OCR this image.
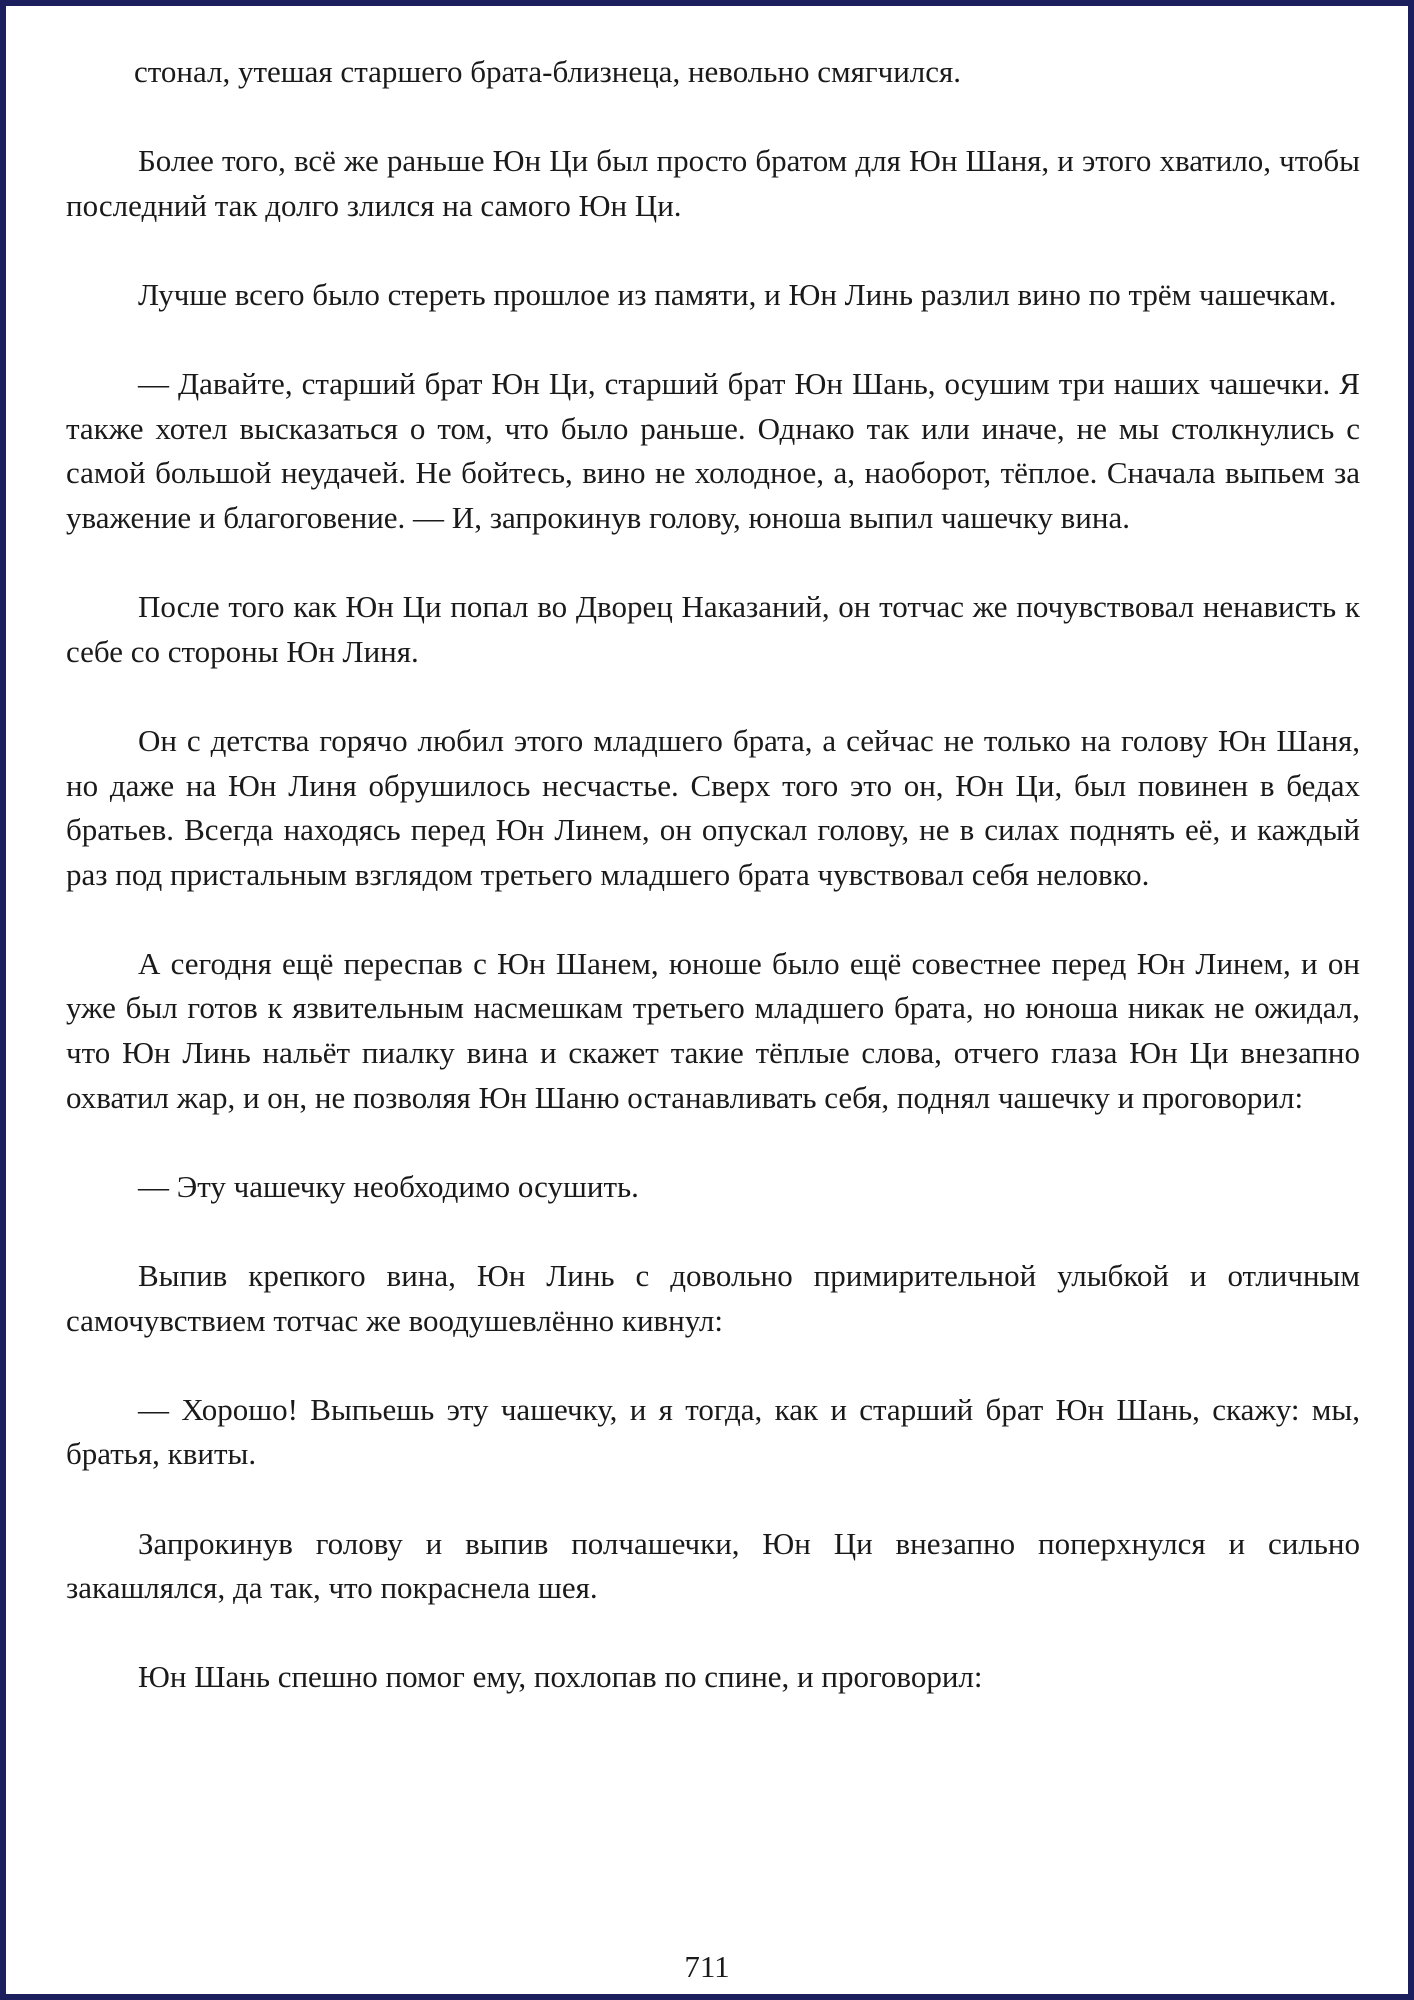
стонал, утешая старшего брата-близнеца, невольно смягчился.

Более того, всё же раньше Юн Ци был просто братом для Юн Шаня, и этого хватило, чтобы последний так долго злился на самого Юн Ци.

Лучше всего было стереть прошлое из памяти, и Юн Линь разлил вино по трём чашечкам.

— Давайте, старший брат Юн Ци, старший брат Юн Шань, осушим три наших чашечки. Я также хотел высказаться о том, что было раньше. Однако так или иначе, не мы столкнулись с самой большой неудачей. Не бойтесь, вино не холодное, а, наоборот, тёплое. Сначала выпьем за уважение и благоговение. — И, запрокинув голову, юноша выпил чашечку вина.

После того как Юн Ци попал во Дворец Наказаний, он тотчас же почувствовал ненависть к себе со стороны Юн Линя.

Он с детства горячо любил этого младшего брата, а сейчас не только на голову Юн Шаня, но даже на Юн Линя обрушилось несчастье. Сверх того это он, Юн Ци, был повинен в бедах братьев. Всегда находясь перед Юн Линем, он опускал голову, не в силах поднять её, и каждый раз под пристальным взглядом третьего младшего брата чувствовал себя неловко.

А сегодня ещё переспав с Юн Шанем, юноше было ещё совестнее перед Юн Линем, и он уже был готов к язвительным насмешкам третьего младшего брата, но юноша никак не ожидал, что Юн Линь нальёт пиалку вина и скажет такие тёплые слова, отчего глаза Юн Ци внезапно охватил жар, и он, не позволяя Юн Шаню останавливать себя, поднял чашечку и проговорил:

— Эту чашечку необходимо осушить.

Выпив крепкого вина, Юн Линь с довольно примирительной улыбкой и отличным самочувствием тотчас же воодушевлённо кивнул:

— Хорошо! Выпьешь эту чашечку, и я тогда, как и старший брат Юн Шань, скажу: мы, братья, квиты.

Запрокинув голову и выпив полчашечки, Юн Ци внезапно поперхнулся и сильно закашлялся, да так, что покраснела шея.

Юн Шань спешно помог ему, похлопав по спине, и проговорил:

711
